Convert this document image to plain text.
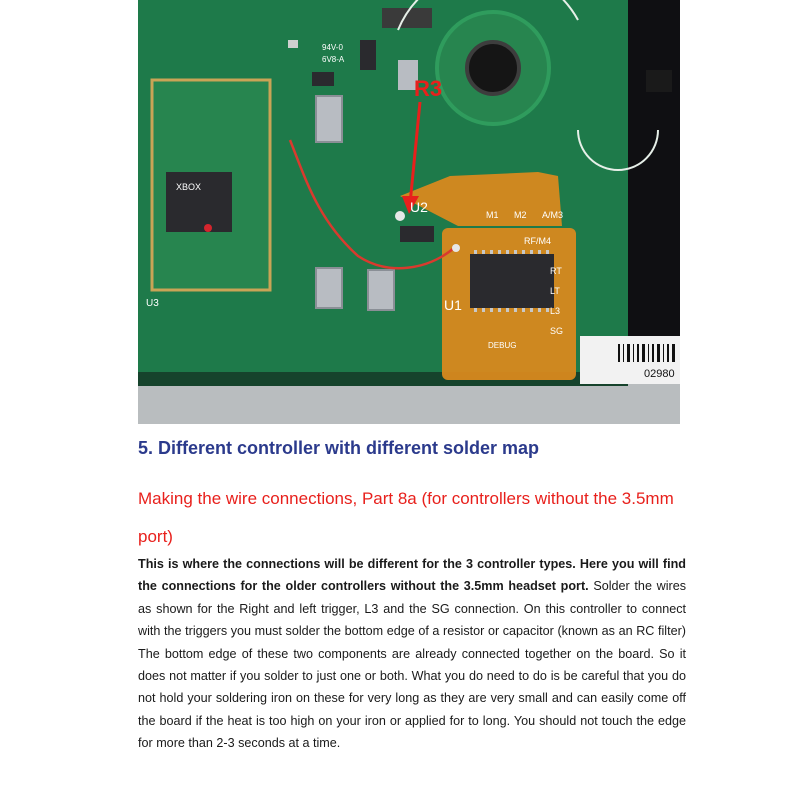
XBOX
94V-0
6V8-A
R3
U2
U1
U3
M1 M2 A/M3
RF/M4
RT
LT
L3
SG
DEBUG
02980
5. Different controller with different solder map
Making the wire connections, Part 8a (for controllers without the 3.5mm port)
This is where the connections will be different for the 3 controller types. Here you will find the connections for the older controllers without the 3.5mm headset port. Solder the wires as shown for the Right and left trigger, L3 and the SG connection. On this controller to connect with the triggers you must solder the bottom edge of a resistor or capacitor (known as an RC filter) The bottom edge of these two components are already connected together on the board. So it does not matter if you solder to just one or both. What you do need to do is be careful that you do not hold your soldering iron on these for very long as they are very small and can easily come off the board if the heat is too high on your iron or applied for to long. You should not touch the edge for more than 2-3 seconds at a time.
